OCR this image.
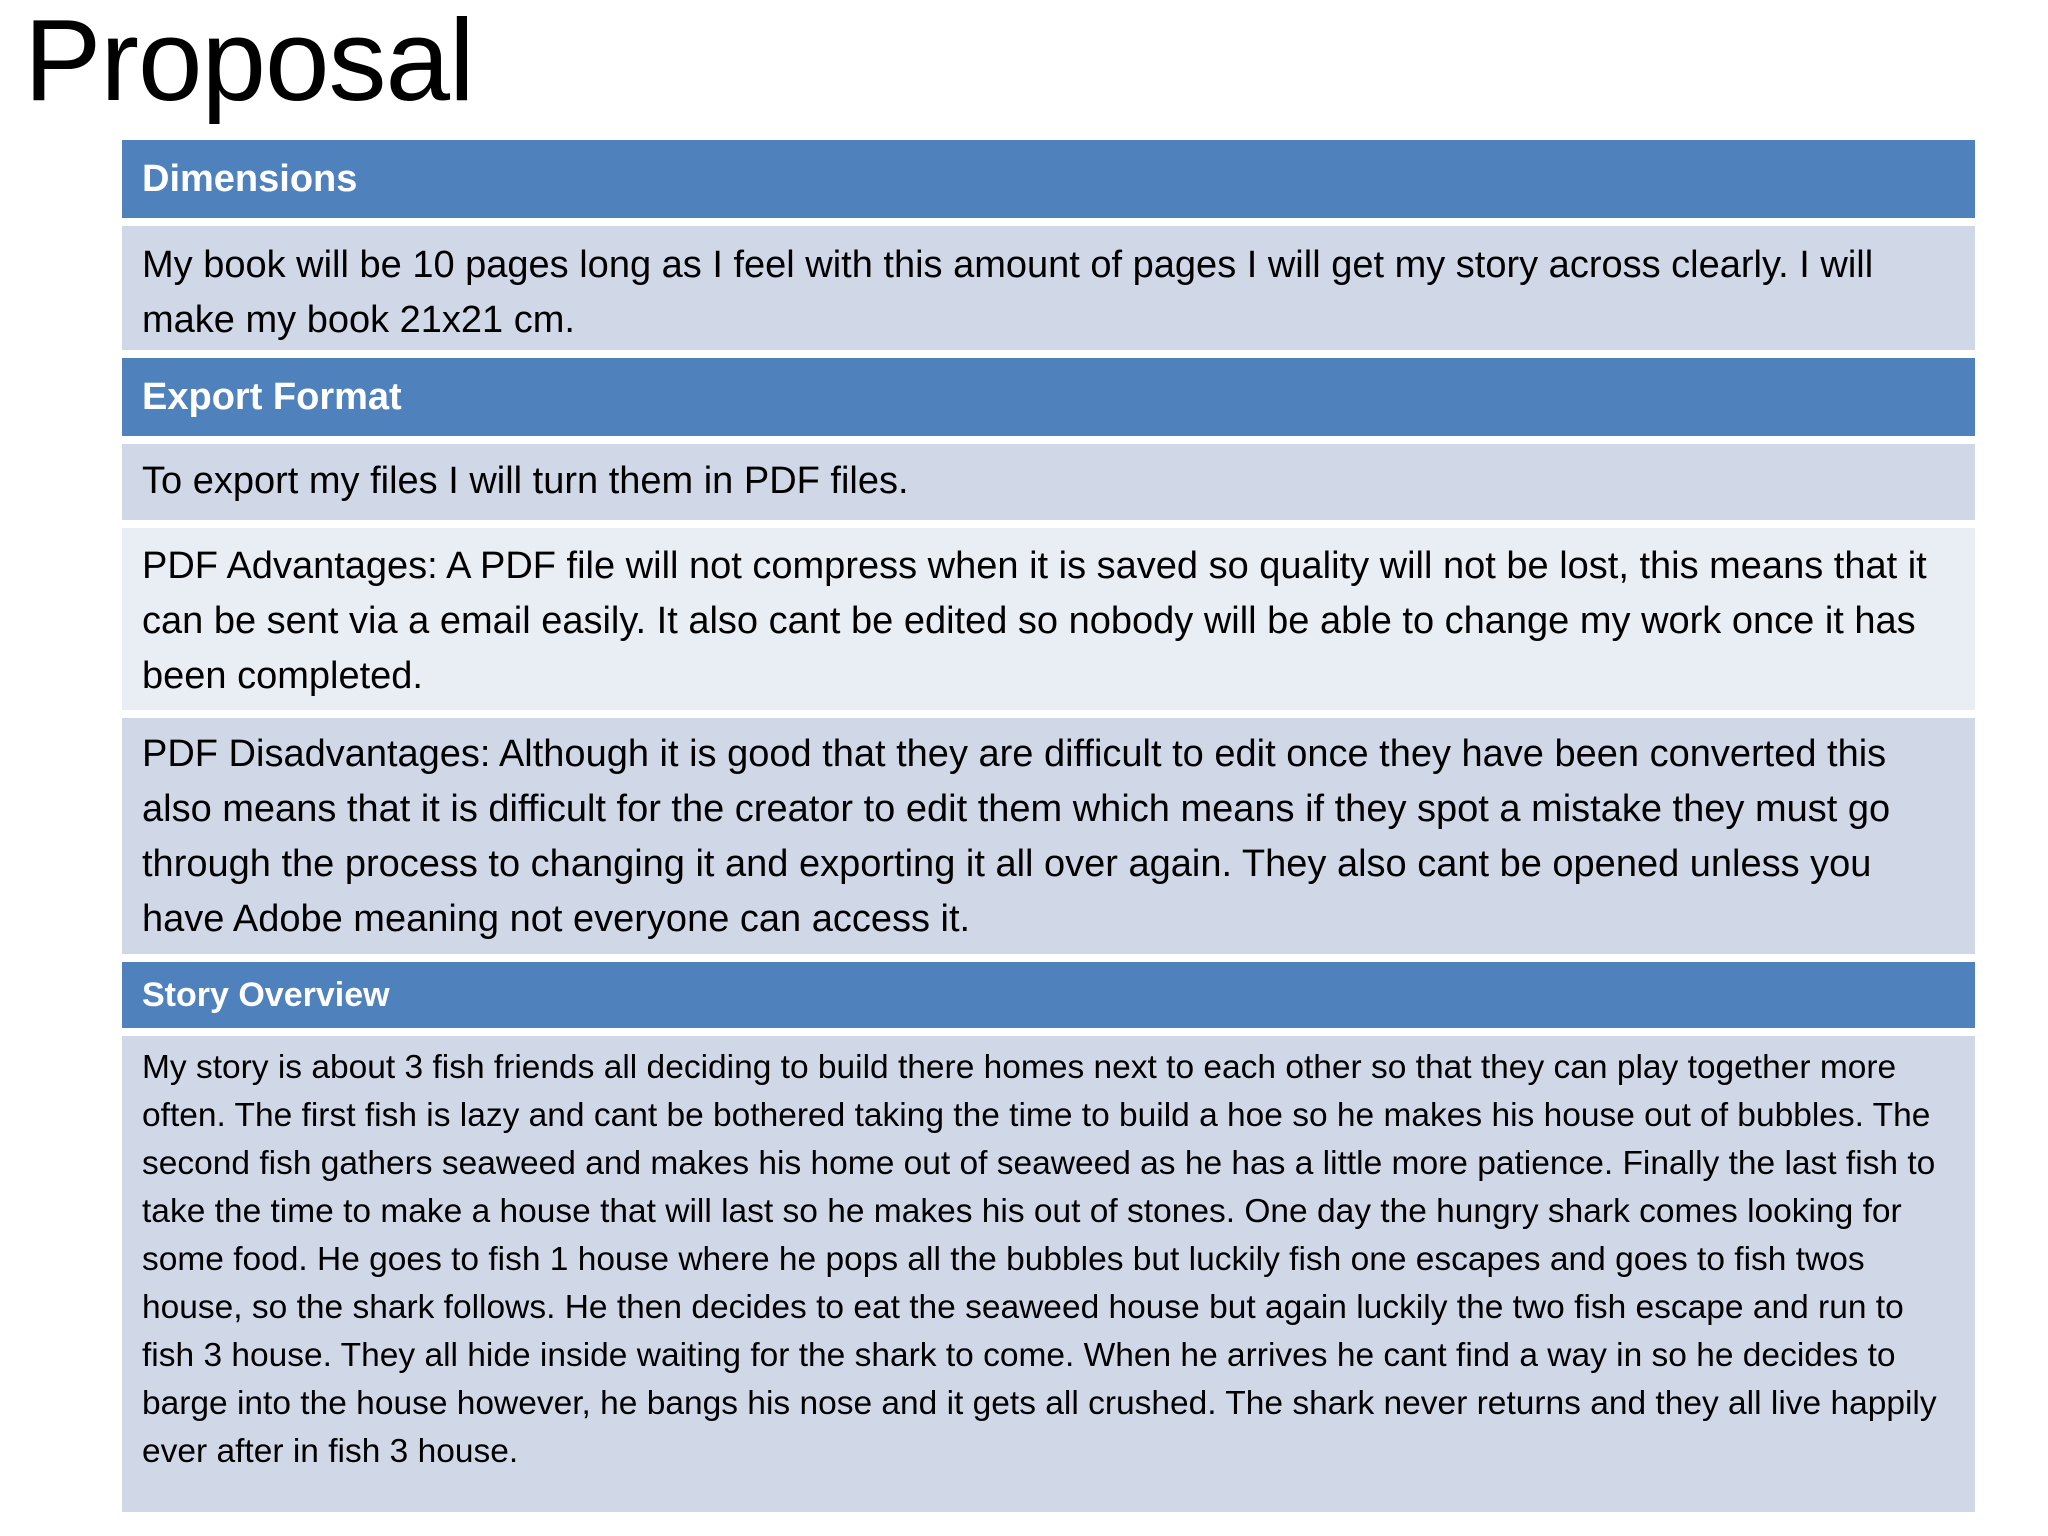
Proposal
Dimensions

My book will be 10 pages long as I feel with this amount of pages I will get my story across clearly. I will make my book 21x21 cm.

Export Format

To export my files I will turn them in PDF files.

PDF Advantages: A PDF file will not compress when it is saved so quality will not be lost, this means that it can be sent via a email easily. It also cant be edited so nobody will be able to change my work once it has been completed.

PDF Disadvantages: Although it is good that they are difficult to edit once they have been converted this also means that it is difficult for the creator to edit them which means if they spot a mistake they must go through the process to changing it and exporting it all over again. They also cant be opened unless you have Adobe meaning not everyone can access it.

Story Overview

My story is about 3 fish friends all deciding to build there homes next to each other so that they can play together more often. The first fish is lazy and cant be bothered taking the time to build a hoe so he makes his house out of bubbles. The second fish gathers seaweed and makes his home out of seaweed as he has a little more patience. Finally the last fish to take the time to make a house that will last so he makes his out of stones. One day the hungry shark comes looking for some food. He goes to fish 1 house where he pops all the bubbles but luckily fish one escapes and goes to fish twos house, so the shark follows. He then decides to eat the seaweed house but again luckily the two fish escape and run to fish 3 house. They all hide inside waiting for the shark to come. When he arrives he cant find a way in so he decides to barge into the house however, he bangs his nose and it gets all crushed. The shark never returns and they all live happily ever after in fish 3 house.
